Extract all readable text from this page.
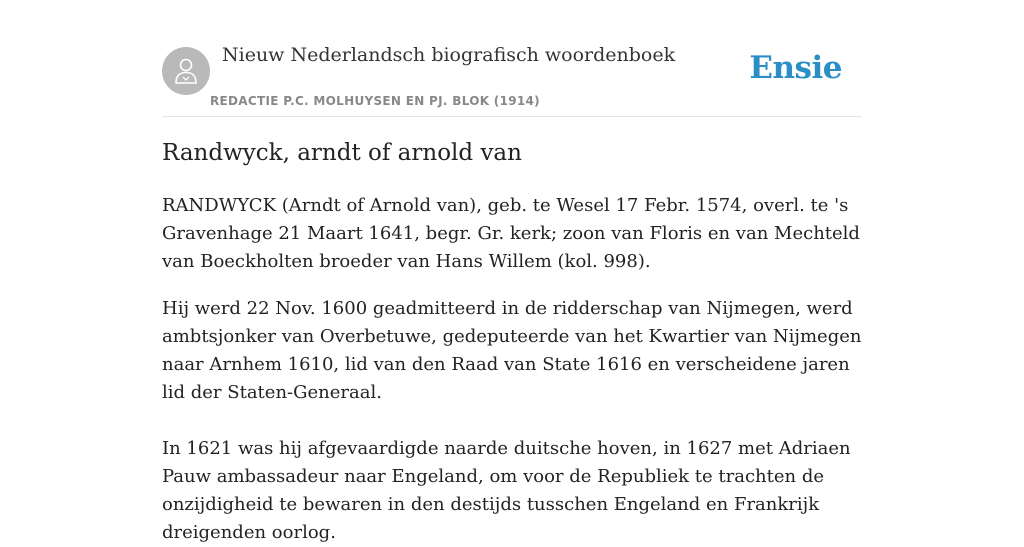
Nieuw Nederlandsch biografisch woordenboek
REDACTIE P.C. MOLHUYSEN EN PJ. BLOK (1914)
Ensie
Randwyck, arndt of arnold van

RANDWYCK (Arndt of Arnold van), geb. te Wesel 17 Febr. 1574, overl. te 's Gravenhage 21 Maart 1641, begr. Gr. kerk; zoon van Floris en van Mechteld van Boeckholten broeder van Hans Willem (kol. 998).

Hij werd 22 Nov. 1600 geadmitteerd in de ridderschap van Nijmegen, werd ambtsjonker van Overbetuwe, gedeputeerde van het Kwartier van Nijmegen naar Arnhem 1610, lid van den Raad van State 1616 en verscheidene jaren lid der Staten-Generaal.

In 1621 was hij afgevaardigde naarde duitsche hoven, in 1627 met Adriaen Pauw ambassadeur naar Engeland, om voor de Republiek te trachten de onzijdigheid te bewaren in den destijds tusschen Engeland en Frankrijk dreigenden oorlog.
